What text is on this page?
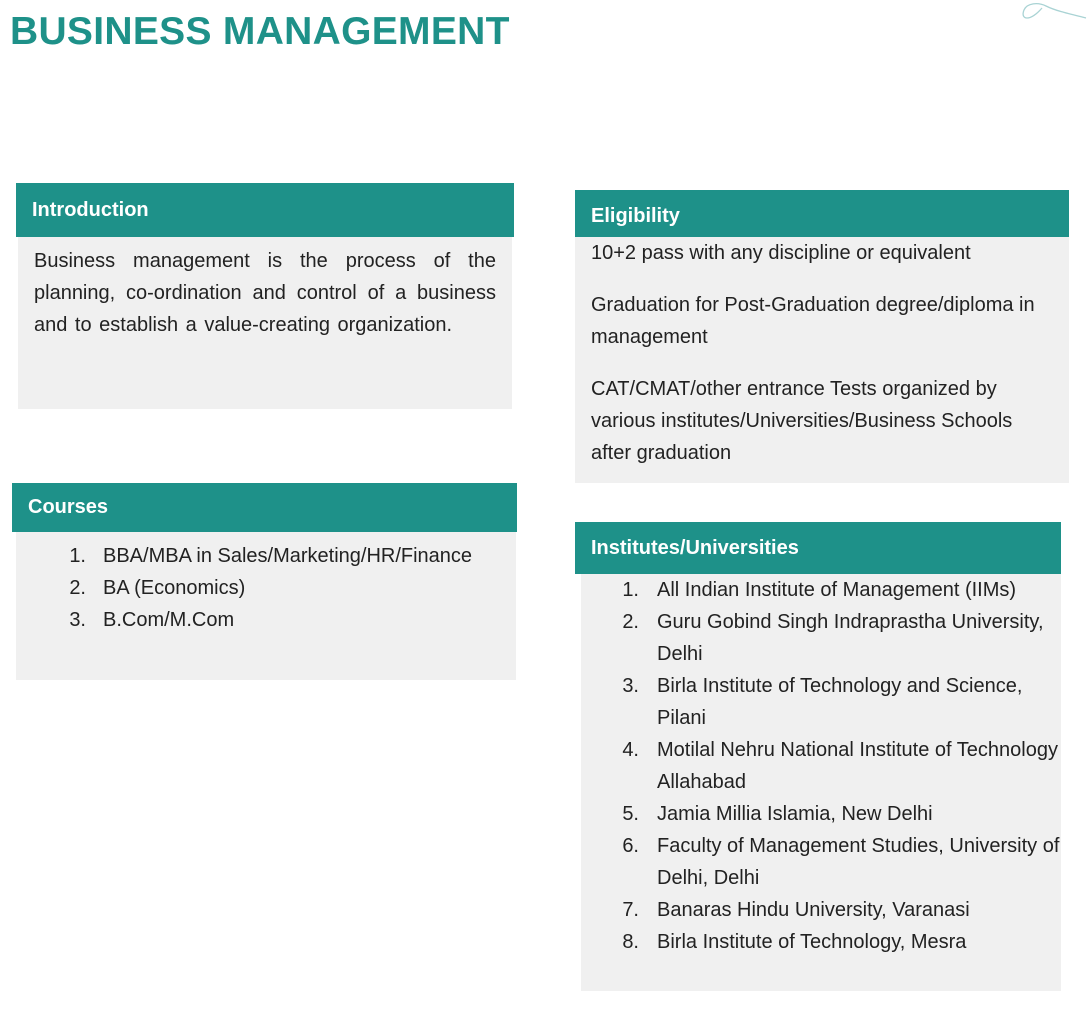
BUSINESS MANAGEMENT
Introduction

Business management is the process of the planning, co-ordination and control of a business and to establish a value-creating organization.

Courses
1. BBA/MBA in Sales/Marketing/HR/Finance
2. BA (Economics)
3. B.Com/M.Com
Eligibility

10+2 pass with any discipline or equivalent

Graduation for Post-Graduation degree/diploma in management

CAT/CMAT/other entrance Tests organized by various institutes/Universities/Business Schools after graduation

Institutes/Universities
1. All Indian Institute of Management (IIMs)
2. Guru Gobind Singh Indraprastha University, Delhi
3. Birla Institute of Technology and Science, Pilani
4. Motilal Nehru National Institute of Technology Allahabad
5. Jamia Millia Islamia, New Delhi
6. Faculty of Management Studies, University of Delhi, Delhi
7. Banaras Hindu University, Varanasi
8. Birla Institute of Technology, Mesra
